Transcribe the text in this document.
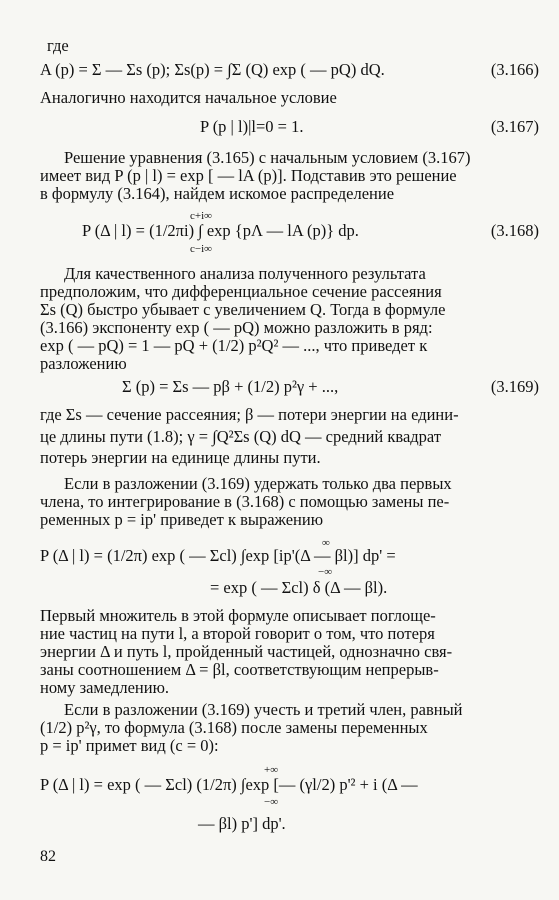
где
A (p) = Σ — Σs (p); Σs(p) = ∫Σ (Q) exp ( — pQ) dQ.	(3.166)
Аналогично находится начальное условие
P (p | l)|l=0 = 1.	(3.167)
Решение уравнения (3.165) с начальным условием (3.167)
имеет вид P (p | l) = exp [ — lA (p)]. Подставив это решение
в формулу (3.164), найдем искомое распределение
c+i∞
P (Δ | l) = (1/2πi) ∫ exp {pΛ — lA (p)} dp.
c−i∞
(3.168)
Для качественного анализа полученного результата
предположим, что дифференциальное сечение рассеяния
Σs (Q) быстро убывает с увеличением Q. Тогда в формуле
(3.166) экспоненту exp ( — pQ) можно разложить в ряд:
exp ( — pQ) = 1 — pQ + (1/2) p²Q² — ..., что приведет к
разложению
Σ (p) = Σs — pβ + (1/2) p²γ + ...,	(3.169)
где Σs — сечение рассеяния; β — потери энергии на едини-
це длины пути (1.8); γ = ∫Q²Σs (Q) dQ — средний квадрат
потерь энергии на единице длины пути.
Если в разложении (3.169) удержать только два первых
члена, то интегрирование в (3.168) с помощью замены пе-
ременных p = ip' приведет к выражению
∞
P (Δ | l) = (1/2π) exp ( — Σcl) ∫exp [ip'(Δ — βl)] dp' =
−∞
= exp ( — Σcl) δ (Δ — βl).
Первый множитель в этой формуле описывает поглоще-
ние частиц на пути l, а второй говорит о том, что потеря
энергии Δ и путь l, пройденный частицей, однозначно свя-
заны соотношением Δ = βl, соответствующим непрерыв-
ному замедлению.
Если в разложении (3.169) учесть и третий член, равный
(1/2) p²γ, то формула (3.168) после замены переменных
p = ip' примет вид (c = 0):
+∞
P (Δ | l) = exp ( — Σcl) (1/2π) ∫exp [— (γl/2) p'² + i (Δ —
−∞
— βl) p'] dp'.
82
